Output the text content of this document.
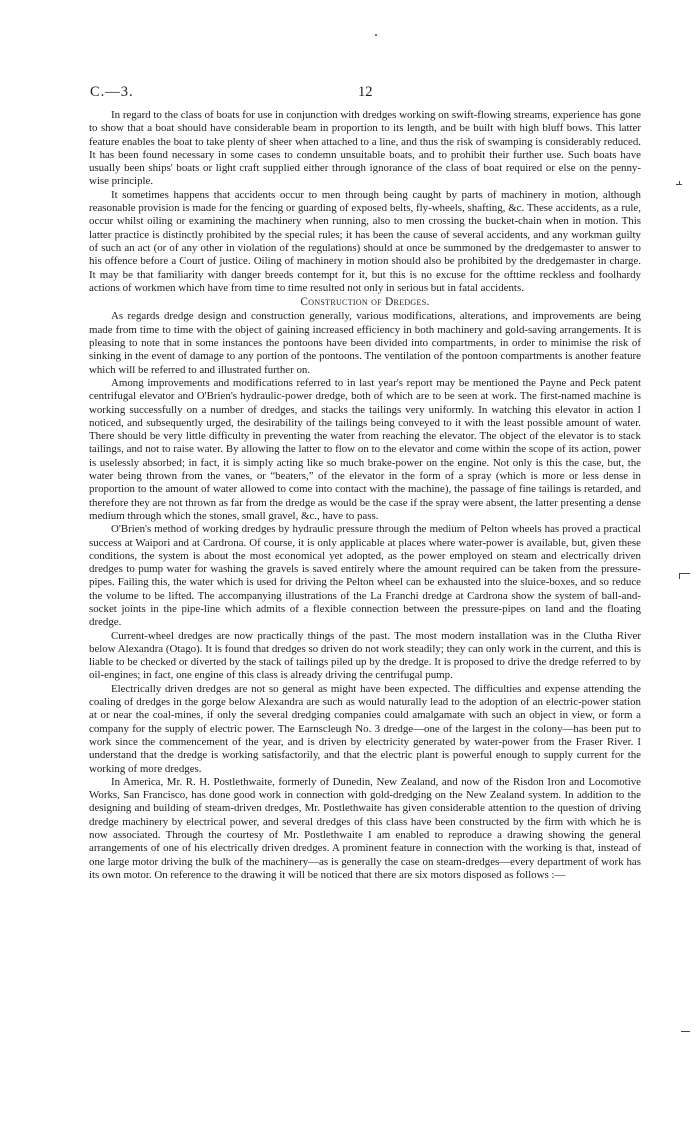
C.—3.	12

In regard to the class of boats for use in conjunction with dredges working on swift-flowing streams, experience has gone to show that a boat should have considerable beam in proportion to its length, and be built with high bluff bows. This latter feature enables the boat to take plenty of sheer when attached to a line, and thus the risk of swamping is considerably reduced. It has been found necessary in some cases to condemn unsuitable boats, and to prohibit their further use. Such boats have usually been ships' boats or light craft supplied either through ignorance of the class of boat required or else on the penny-wise principle.

It sometimes happens that accidents occur to men through being caught by parts of machinery in motion, although reasonable provision is made for the fencing or guarding of exposed belts, fly-wheels, shafting, &c. These accidents, as a rule, occur whilst oiling or examining the machinery when running, also to men crossing the bucket-chain when in motion. This latter practice is distinctly prohibited by the special rules; it has been the cause of several accidents, and any workman guilty of such an act (or of any other in violation of the regulations) should at once be summoned by the dredgemaster to answer to his offence before a Court of justice. Oiling of machinery in motion should also be prohibited by the dredgemaster in charge. It may be that familiarity with danger breeds contempt for it, but this is no excuse for the ofttime reckless and foolhardy actions of workmen which have from time to time resulted not only in serious but in fatal accidents.

Construction of Dredges.

As regards dredge design and construction generally, various modifications, alterations, and improvements are being made from time to time with the object of gaining increased efficiency in both machinery and gold-saving arrangements. It is pleasing to note that in some instances the pontoons have been divided into compartments, in order to minimise the risk of sinking in the event of damage to any portion of the pontoons. The ventilation of the pontoon compartments is another feature which will be referred to and illustrated further on.

Among improvements and modifications referred to in last year's report may be mentioned the Payne and Peck patent centrifugal elevator and O'Brien's hydraulic-power dredge, both of which are to be seen at work. The first-named machine is working successfully on a number of dredges, and stacks the tailings very uniformly. In watching this elevator in action I noticed, and subsequently urged, the desirability of the tailings being conveyed to it with the least possible amount of water. There should be very little difficulty in preventing the water from reaching the elevator. The object of the elevator is to stack tailings, and not to raise water. By allowing the latter to flow on to the elevator and come within the scope of its action, power is uselessly absorbed; in fact, it is simply acting like so much brake-power on the engine. Not only is this the case, but, the water being thrown from the vanes, or “beaters,” of the elevator in the form of a spray (which is more or less dense in proportion to the amount of water allowed to come into contact with the machine), the passage of fine tailings is retarded, and therefore they are not thrown as far from the dredge as would be the case if the spray were absent, the latter presenting a dense medium through which the stones, small gravel, &c., have to pass.

O'Brien's method of working dredges by hydraulic pressure through the medium of Pelton wheels has proved a practical success at Waipori and at Cardrona. Of course, it is only applicable at places where water-power is available, but, given these conditions, the system is about the most economical yet adopted, as the power employed on steam and electrically driven dredges to pump water for washing the gravels is saved entirely where the amount required can be taken from the pressure-pipes. Failing this, the water which is used for driving the Pelton wheel can be exhausted into the sluice-boxes, and so reduce the volume to be lifted. The accompanying illustrations of the La Franchi dredge at Cardrona show the system of ball-and-socket joints in the pipe-line which admits of a flexible connection between the pressure-pipes on land and the floating dredge.

Current-wheel dredges are now practically things of the past. The most modern installation was in the Clutha River below Alexandra (Otago). It is found that dredges so driven do not work steadily; they can only work in the current, and this is liable to be checked or diverted by the stack of tailings piled up by the dredge. It is proposed to drive the dredge referred to by oil-engines; in fact, one engine of this class is already driving the centrifugal pump.

Electrically driven dredges are not so general as might have been expected. The difficulties and expense attending the coaling of dredges in the gorge below Alexandra are such as would naturally lead to the adoption of an electric-power station at or near the coal-mines, if only the several dredging companies could amalgamate with such an object in view, or form a company for the supply of electric power. The Earnscleugh No. 3 dredge—one of the largest in the colony—has been put to work since the commencement of the year, and is driven by electricity generated by water-power from the Fraser River. I understand that the dredge is working satisfactorily, and that the electric plant is powerful enough to supply current for the working of more dredges.

In America, Mr. R. H. Postlethwaite, formerly of Dunedin, New Zealand, and now of the Risdon Iron and Locomotive Works, San Francisco, has done good work in connection with gold-dredging on the New Zealand system. In addition to the designing and building of steam-driven dredges, Mr. Postlethwaite has given considerable attention to the question of driving dredge machinery by electrical power, and several dredges of this class have been constructed by the firm with which he is now associated. Through the courtesy of Mr. Postlethwaite I am enabled to reproduce a drawing showing the general arrangements of one of his electrically driven dredges. A prominent feature in connection with the working is that, instead of one large motor driving the bulk of the machinery—as is generally the case on steam-dredges—every department of work has its own motor. On reference to the drawing it will be noticed that there are six motors disposed as follows :—
